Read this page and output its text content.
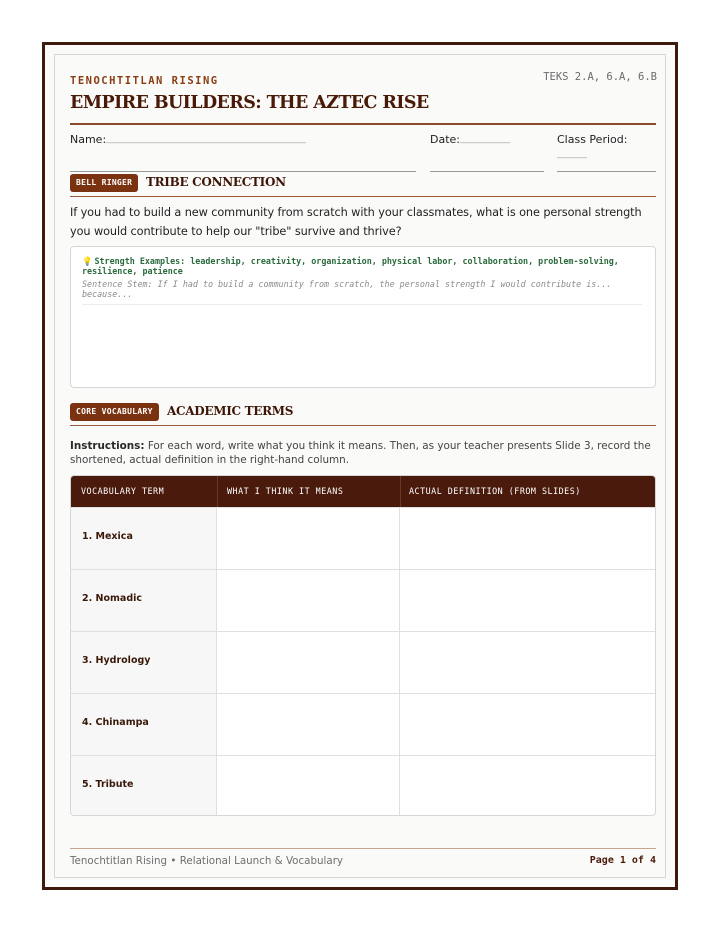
TENOCHTITLAN RISING	TEKS 2.A, 6.A, 6.B
EMPIRE BUILDERS: THE AZTEC RISE
Name: ________________________________________	Date: __________	Class Period:
______
BELL RINGER	TRIBE CONNECTION
If you had to build a new community from scratch with your classmates, what is one personal strength you would contribute to help our "tribe" survive and thrive?
💡 Strength Examples: leadership, creativity, organization, physical labor, collaboration, problem-solving, resilience, patience
Sentence Stem: If I had to build a community from scratch, the personal strength I would contribute is... because...
CORE VOCABULARY	ACADEMIC TERMS
Instructions: For each word, write what you think it means. Then, as your teacher presents Slide 3, record the shortened, actual definition in the right-hand column.
VOCABULARY TERM	WHAT I THINK IT MEANS	ACTUAL DEFINITION (FROM SLIDES)
1. Mexica
2. Nomadic
3. Hydrology
4. Chinampa
5. Tribute
Tenochtitlan Rising • Relational Launch & Vocabulary	Page 1 of 4
